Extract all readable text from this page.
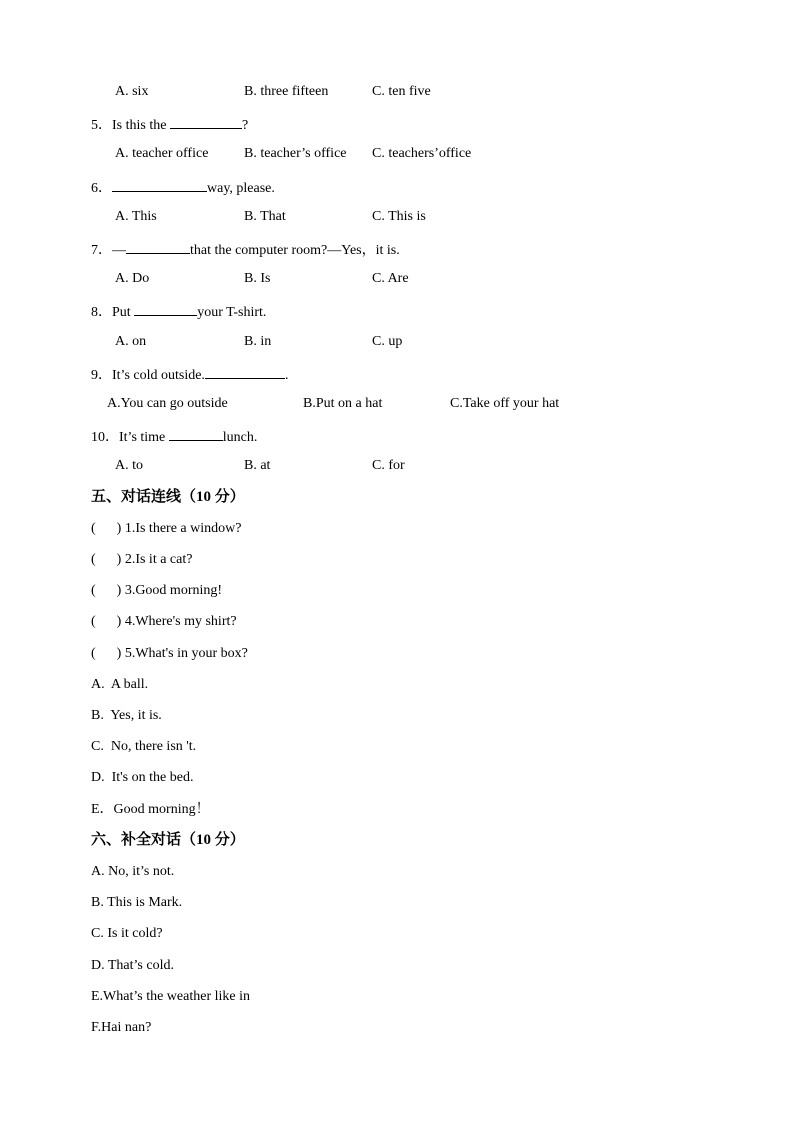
A. six	B. three fifteen	C. ten five
5．Is this the	?
A. teacher office	B. teacher’s office C. teachers’office
6．	way, please.
A. This	B. That	C. This is
7．—	that the computer room?—Yes，it is.
A. Do	B. Is	C. Are
8．Put	your T-shirt.
A. on	B. in	C. up
9．It’s cold outside.	.
A.You can go outside	B.Put on a hat	C.Take off your hat
10．It’s time	lunch.
A. to	B. at	C. for
五、对话连线（10 分）
(      ) 1.Is there a window?
(      ) 2.Is it a cat?
(      ) 3.Good morning!
(      ) 4.Where's my shirt?
(      ) 5.What's in your box?
A.  A ball.
B.  Yes, it is.
C.  No, there isn 't.
D.  It's on the bed.
E．Good morning！
六、补全对话（10 分）
A. No, it’s not.
B. This is Mark.
C. Is it cold?
D. That’s cold.
E.What’s the weather like in
F.Hai nan?
